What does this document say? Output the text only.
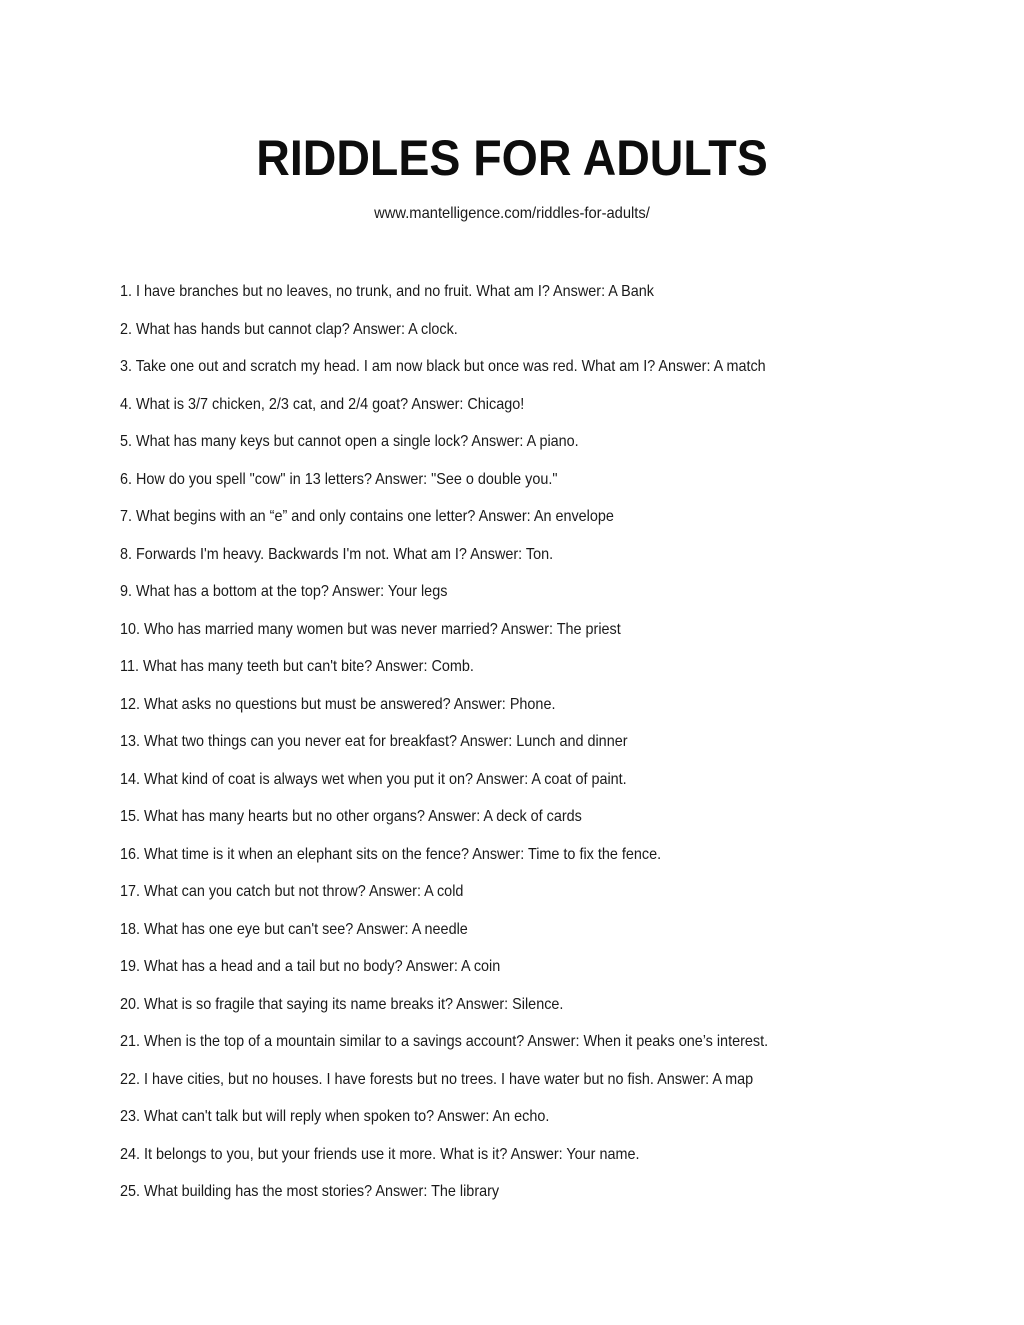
RIDDLES FOR ADULTS
www.mantelligence.com/riddles-for-adults/
1. I have branches but no leaves, no trunk, and no fruit. What am I? Answer: A Bank
2. What has hands but cannot clap? Answer: A clock.
3. Take one out and scratch my head. I am now black but once was red. What am I? Answer: A match
4. What is 3/7 chicken, 2/3 cat, and 2/4 goat? Answer: Chicago!
5. What has many keys but cannot open a single lock? Answer: A piano.
6. How do you spell "cow" in 13 letters? Answer: "See o double you."
7. What begins with an “e” and only contains one letter? Answer: An envelope
8. Forwards I'm heavy. Backwards I'm not. What am I? Answer: Ton.
9. What has a bottom at the top? Answer: Your legs
10. Who has married many women but was never married? Answer: The priest
11. What has many teeth but can't bite? Answer: Comb.
12. What asks no questions but must be answered? Answer: Phone.
13. What two things can you never eat for breakfast? Answer: Lunch and dinner
14. What kind of coat is always wet when you put it on? Answer: A coat of paint.
15. What has many hearts but no other organs? Answer: A deck of cards
16. What time is it when an elephant sits on the fence? Answer: Time to fix the fence.
17. What can you catch but not throw? Answer: A cold
18. What has one eye but can't see? Answer: A needle
19. What has a head and a tail but no body? Answer: A coin
20. What is so fragile that saying its name breaks it? Answer: Silence.
21. When is the top of a mountain similar to a savings account? Answer: When it peaks one’s interest.
22. I have cities, but no houses. I have forests but no trees. I have water but no fish. Answer: A map
23. What can't talk but will reply when spoken to? Answer: An echo.
24. It belongs to you, but your friends use it more. What is it? Answer: Your name.
25. What building has the most stories? Answer: The library
